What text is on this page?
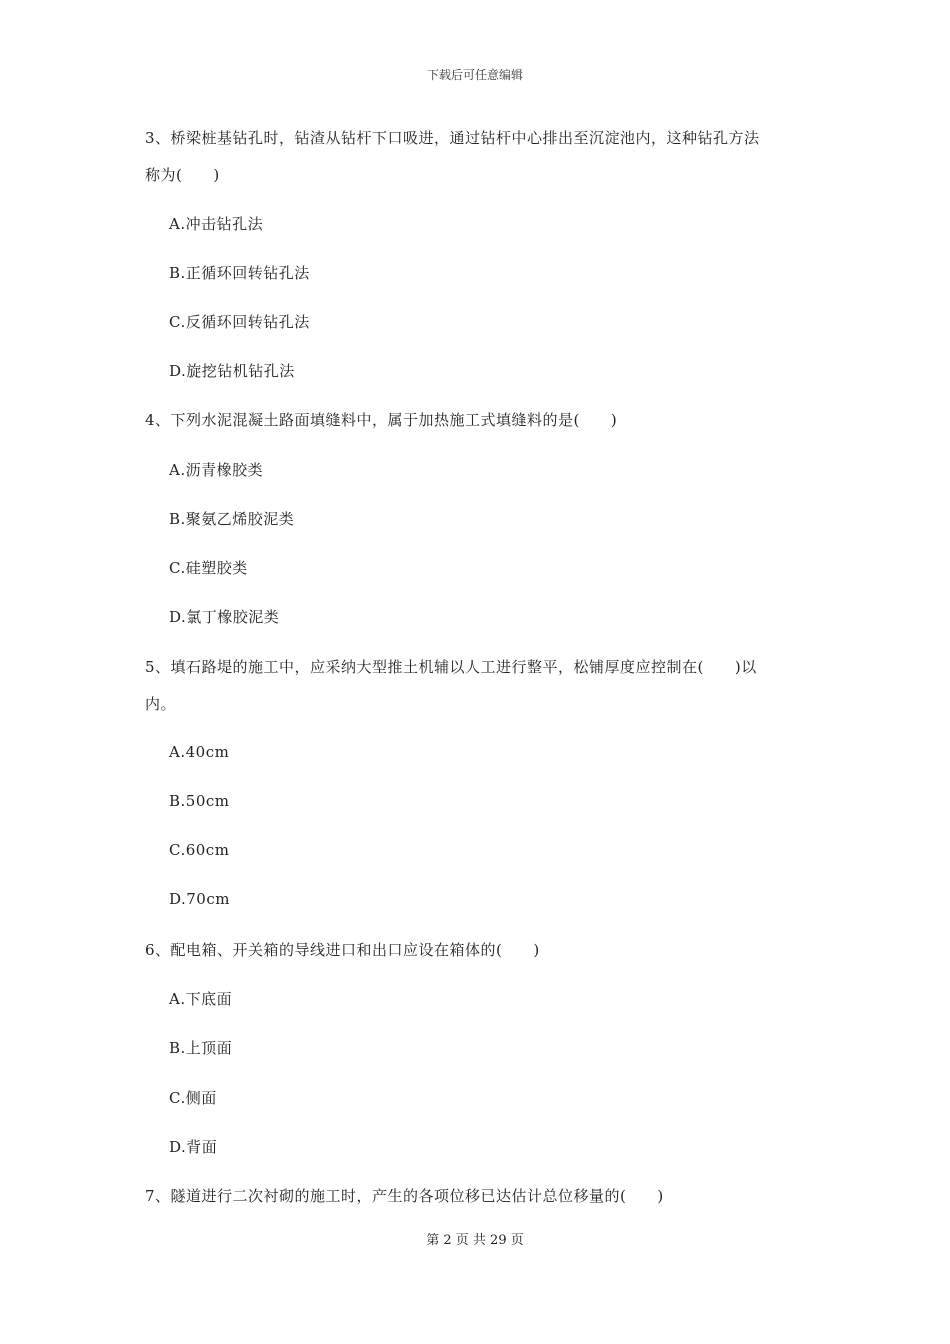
下载后可任意编辑
3、桥梁桩基钻孔时，钻渣从钻杆下口吸进，通过钻杆中心排出至沉淀池内，这种钻孔方法
称为(　　)
A.冲击钻孔法
B.正循环回转钻孔法
C.反循环回转钻孔法
D.旋挖钻机钻孔法
4、下列水泥混凝土路面填缝料中，属于加热施工式填缝料的是(　　)
A.沥青橡胶类
B.聚氨乙烯胶泥类
C.硅塑胶类
D.氯丁橡胶泥类
5、填石路堤的施工中，应采纳大型推土机辅以人工进行整平，松铺厚度应控制在(　　)以
内。
A.40cm
B.50cm
C.60cm
D.70cm
6、配电箱、开关箱的导线进口和出口应设在箱体的(　　)
A.下底面
B.上顶面
C.侧面
D.背面
7、隧道进行二次衬砌的施工时，产生的各项位移已达估计总位移量的(　　)
第 2 页 共 29 页
